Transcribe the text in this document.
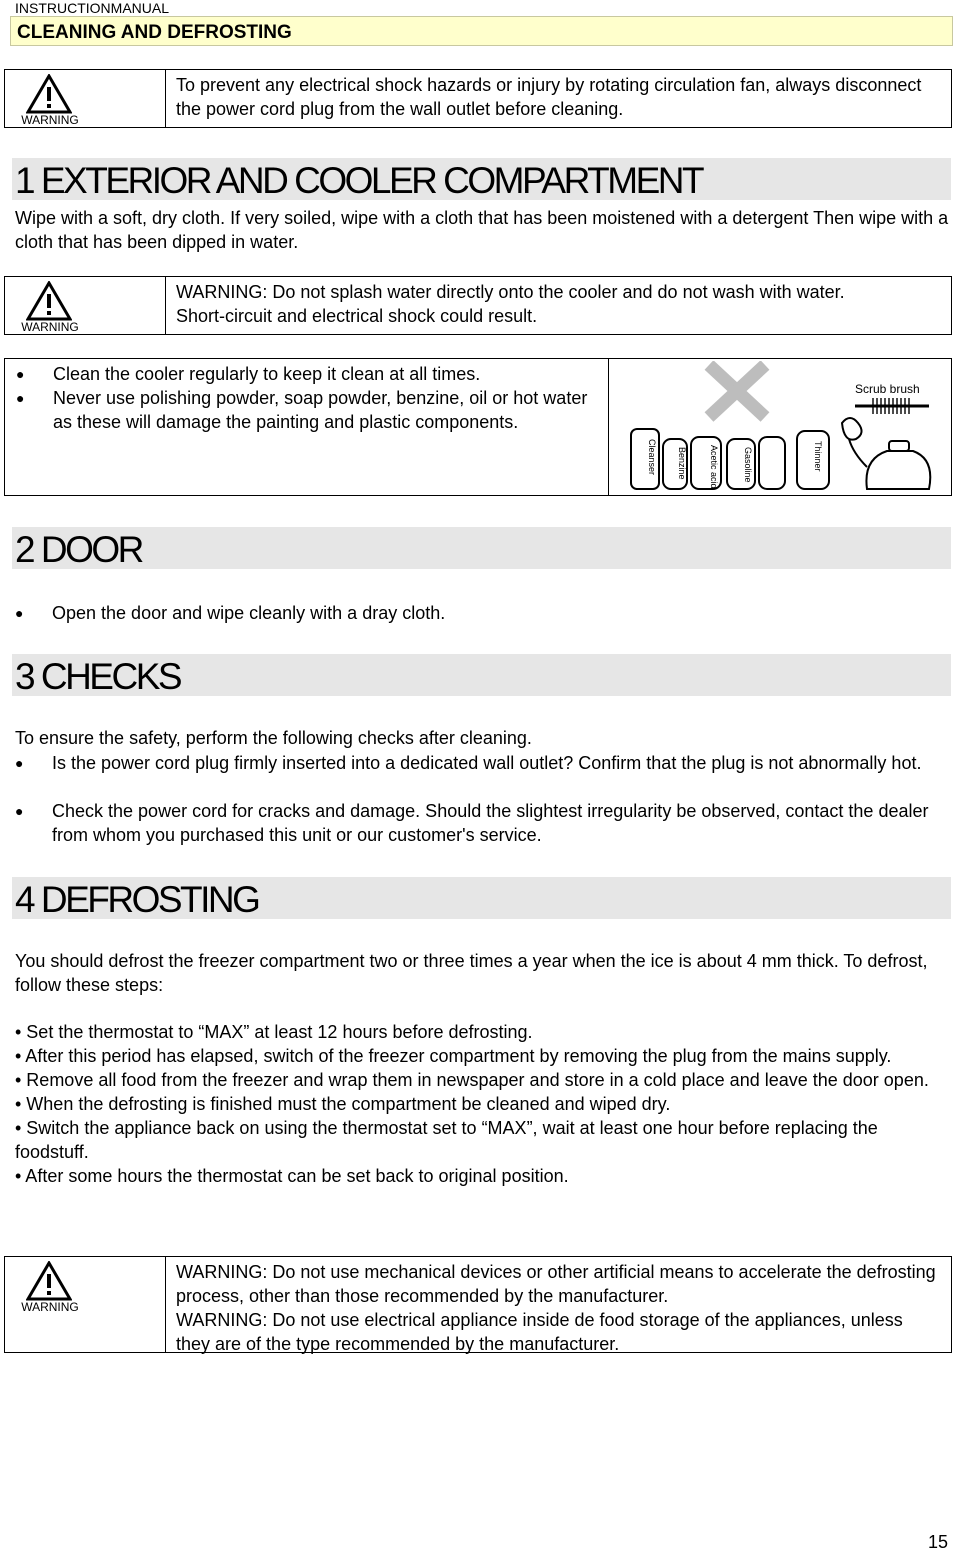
INSTRUCTIONMANUAL
CLEANING AND DEFROSTING
WARNING
To prevent any electrical shock hazards or injury by rotating circulation fan, always disconnect the power cord plug from the wall outlet before cleaning.
1 EXTERIOR AND COOLER COMPARTMENT
Wipe with a soft, dry cloth. If very soiled, wipe with a cloth that has been moistened with a detergent Then wipe with a cloth that has been dipped in water.
WARNING
WARNING: Do not splash water directly onto the cooler and do not wash with water.
Short-circuit and electrical shock could result.
● Clean the cooler regularly to keep it clean at all times.
● Never use polishing powder, soap powder, benzine, oil or hot water as these will damage the painting and plastic components.
Scrub brush
Cleanser Benzine Acetic acid	Gasoline	Thinner
2 DOOR
● Open the door and wipe cleanly with a dray cloth.
3 CHECKS
To ensure the safety, perform the following checks after cleaning.
● Is the power cord plug firmly inserted into a dedicated wall outlet? Confirm that the plug is not abnormally hot.
● Check the power cord for cracks and damage. Should the slightest irregularity be observed, contact the dealer from whom you purchased this unit or our customer's service.
4 DEFROSTING
You should defrost the freezer compartment two or three times a year when the ice is about 4 mm thick. To defrost, follow these steps:
• Set the thermostat to “MAX” at least 12 hours before defrosting.
• After this period has elapsed, switch of the freezer compartment by removing the plug from the mains supply.
• Remove all food from the freezer and wrap them in newspaper and store in a cold place and leave the door open.
• When the defrosting is finished must the compartment be cleaned and wiped dry.
• Switch the appliance back on using the thermostat set to “MAX”, wait at least one hour before replacing the foodstuff.
• After some hours the thermostat can be set back to original position.
WARNING
WARNING: Do not use mechanical devices or other artificial means to accelerate the defrosting process, other than those recommended by the manufacturer.
WARNING: Do not use electrical appliance inside de food storage of the appliances, unless they are of the type recommended by the manufacturer.
15
